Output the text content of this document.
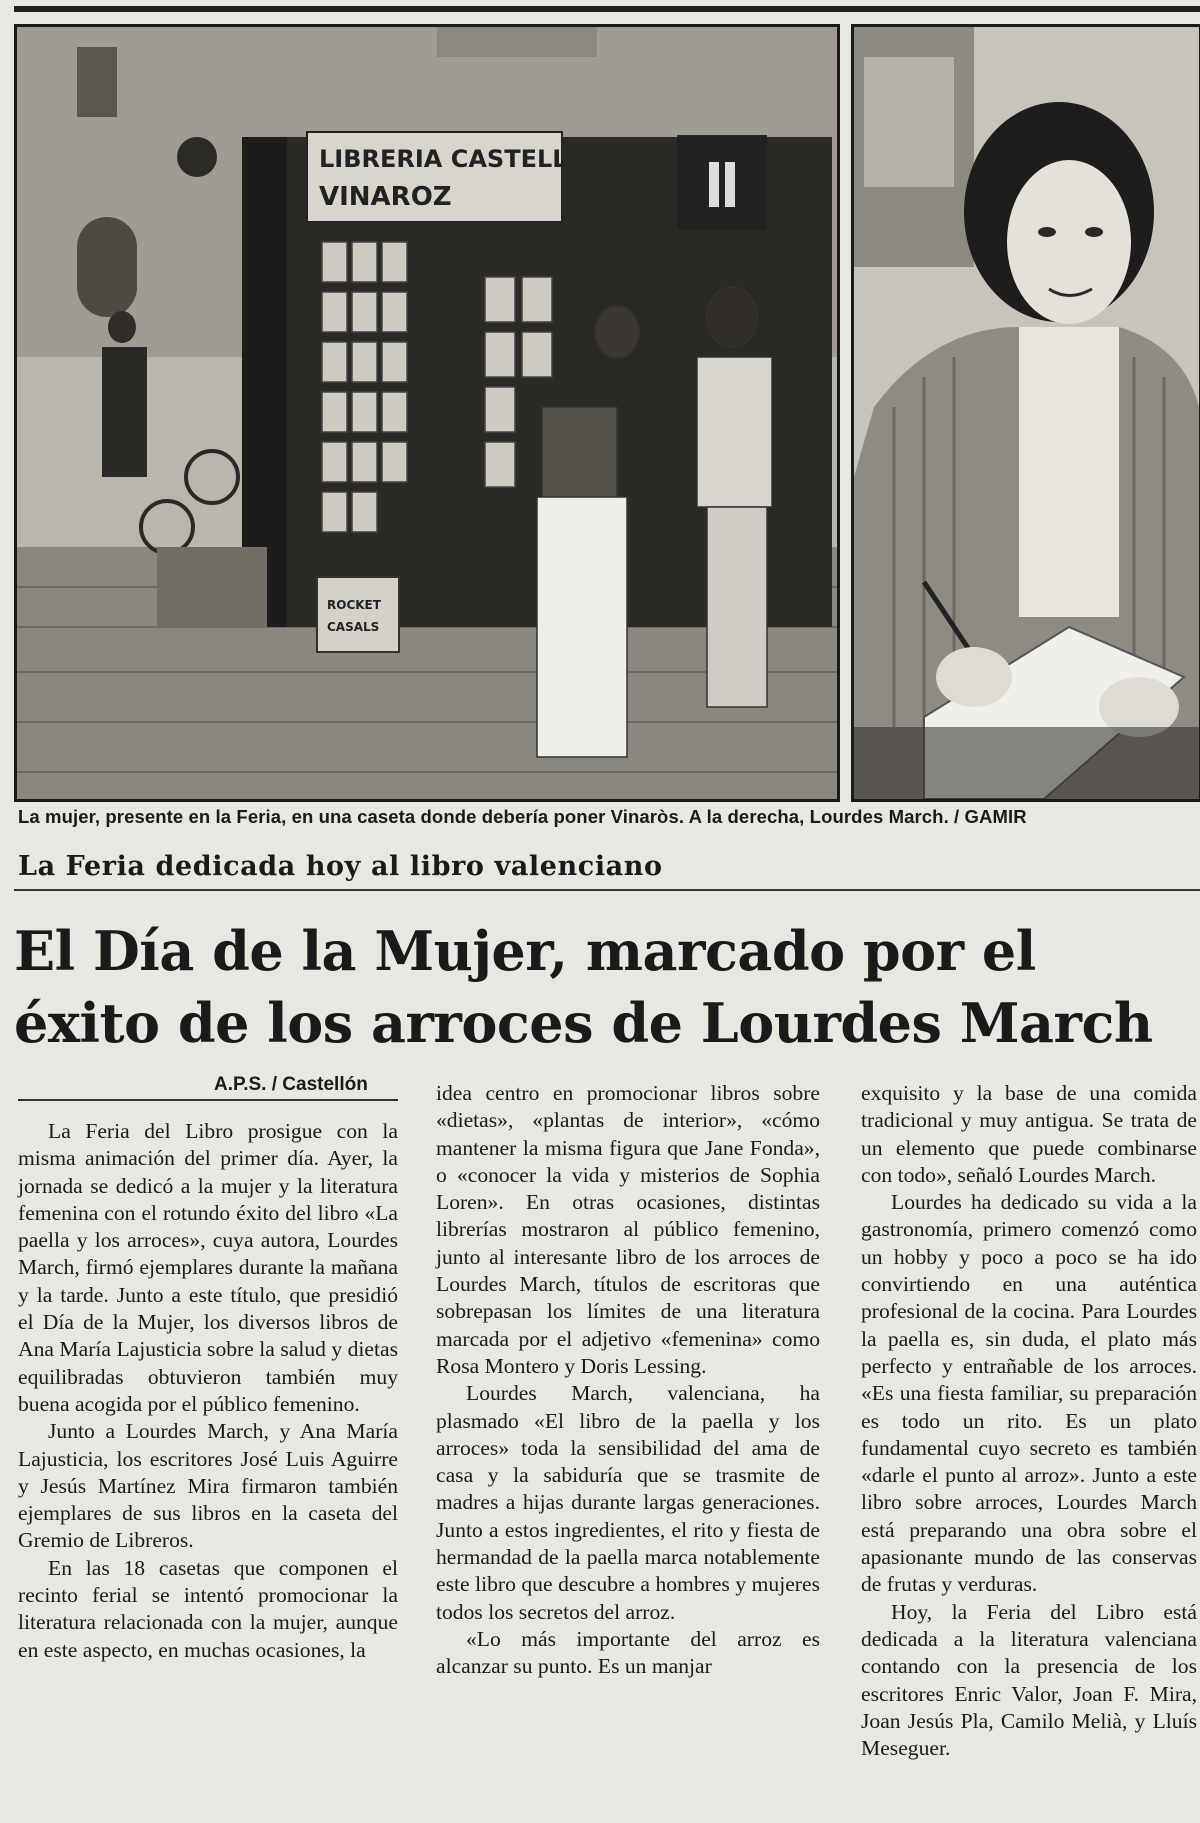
LIBRERIA CASTELL
VINAROZ
ROCKET
CASALS
La mujer, presente en la Feria, en una caseta donde debería poner Vinaròs. A la derecha, Lourdes March. / GAMIR
La Feria dedicada hoy al libro valenciano
El Día de la Mujer, marcado por el
éxito de los arroces de Lourdes March
A.P.S. / Castellón

La Feria del Libro prosigue con la misma animación del primer día. Ayer, la jornada se dedicó a la mujer y la literatura femenina con el rotundo éxito del libro «La paella y los arroces», cuya autora, Lourdes March, firmó ejemplares durante la mañana y la tarde. Junto a este título, que presidió el Día de la Mujer, los diversos libros de Ana María Lajusticia sobre la salud y dietas equilibradas obtuvieron también muy buena acogida por el público femenino.

Junto a Lourdes March, y Ana María Lajusticia, los escritores José Luis Aguirre y Jesús Martínez Mira firmaron también ejemplares de sus libros en la caseta del Gremio de Libreros.

En las 18 casetas que componen el recinto ferial se intentó promocionar la literatura relacionada con la mujer, aunque en este aspecto, en muchas ocasiones, la

idea centro en promocionar libros sobre «dietas», «plantas de interior», «cómo mantener la misma figura que Jane Fonda», o «conocer la vida y misterios de Sophia Loren». En otras ocasiones, distintas librerías mostraron al público femenino, junto al interesante libro de los arroces de Lourdes March, títulos de escritoras que sobrepasan los límites de una literatura marcada por el adjetivo «femenina» como Rosa Montero y Doris Lessing.

Lourdes March, valenciana, ha plasmado «El libro de la paella y los arroces» toda la sensibilidad del ama de casa y la sabiduría que se trasmite de madres a hijas durante largas generaciones. Junto a estos ingredientes, el rito y fiesta de hermandad de la paella marca notablemente este libro que descubre a hombres y mujeres todos los secretos del arroz.

«Lo más importante del arroz es alcanzar su punto. Es un manjar

exquisito y la base de una comida tradicional y muy antigua. Se trata de un elemento que puede combinarse con todo», señaló Lourdes March.

Lourdes ha dedicado su vida a la gastronomía, primero comenzó como un hobby y poco a poco se ha ido convirtiendo en una auténtica profesional de la cocina. Para Lourdes la paella es, sin duda, el plato más perfecto y entrañable de los arroces. «Es una fiesta familiar, su preparación es todo un rito. Es un plato fundamental cuyo secreto es también «darle el punto al arroz». Junto a este libro sobre arroces, Lourdes March está preparando una obra sobre el apasionante mundo de las conservas de frutas y verduras.

Hoy, la Feria del Libro está dedicada a la literatura valenciana contando con la presencia de los escritores Enric Valor, Joan F. Mira, Joan Jesús Pla, Camilo Melià, y Lluís Meseguer.
